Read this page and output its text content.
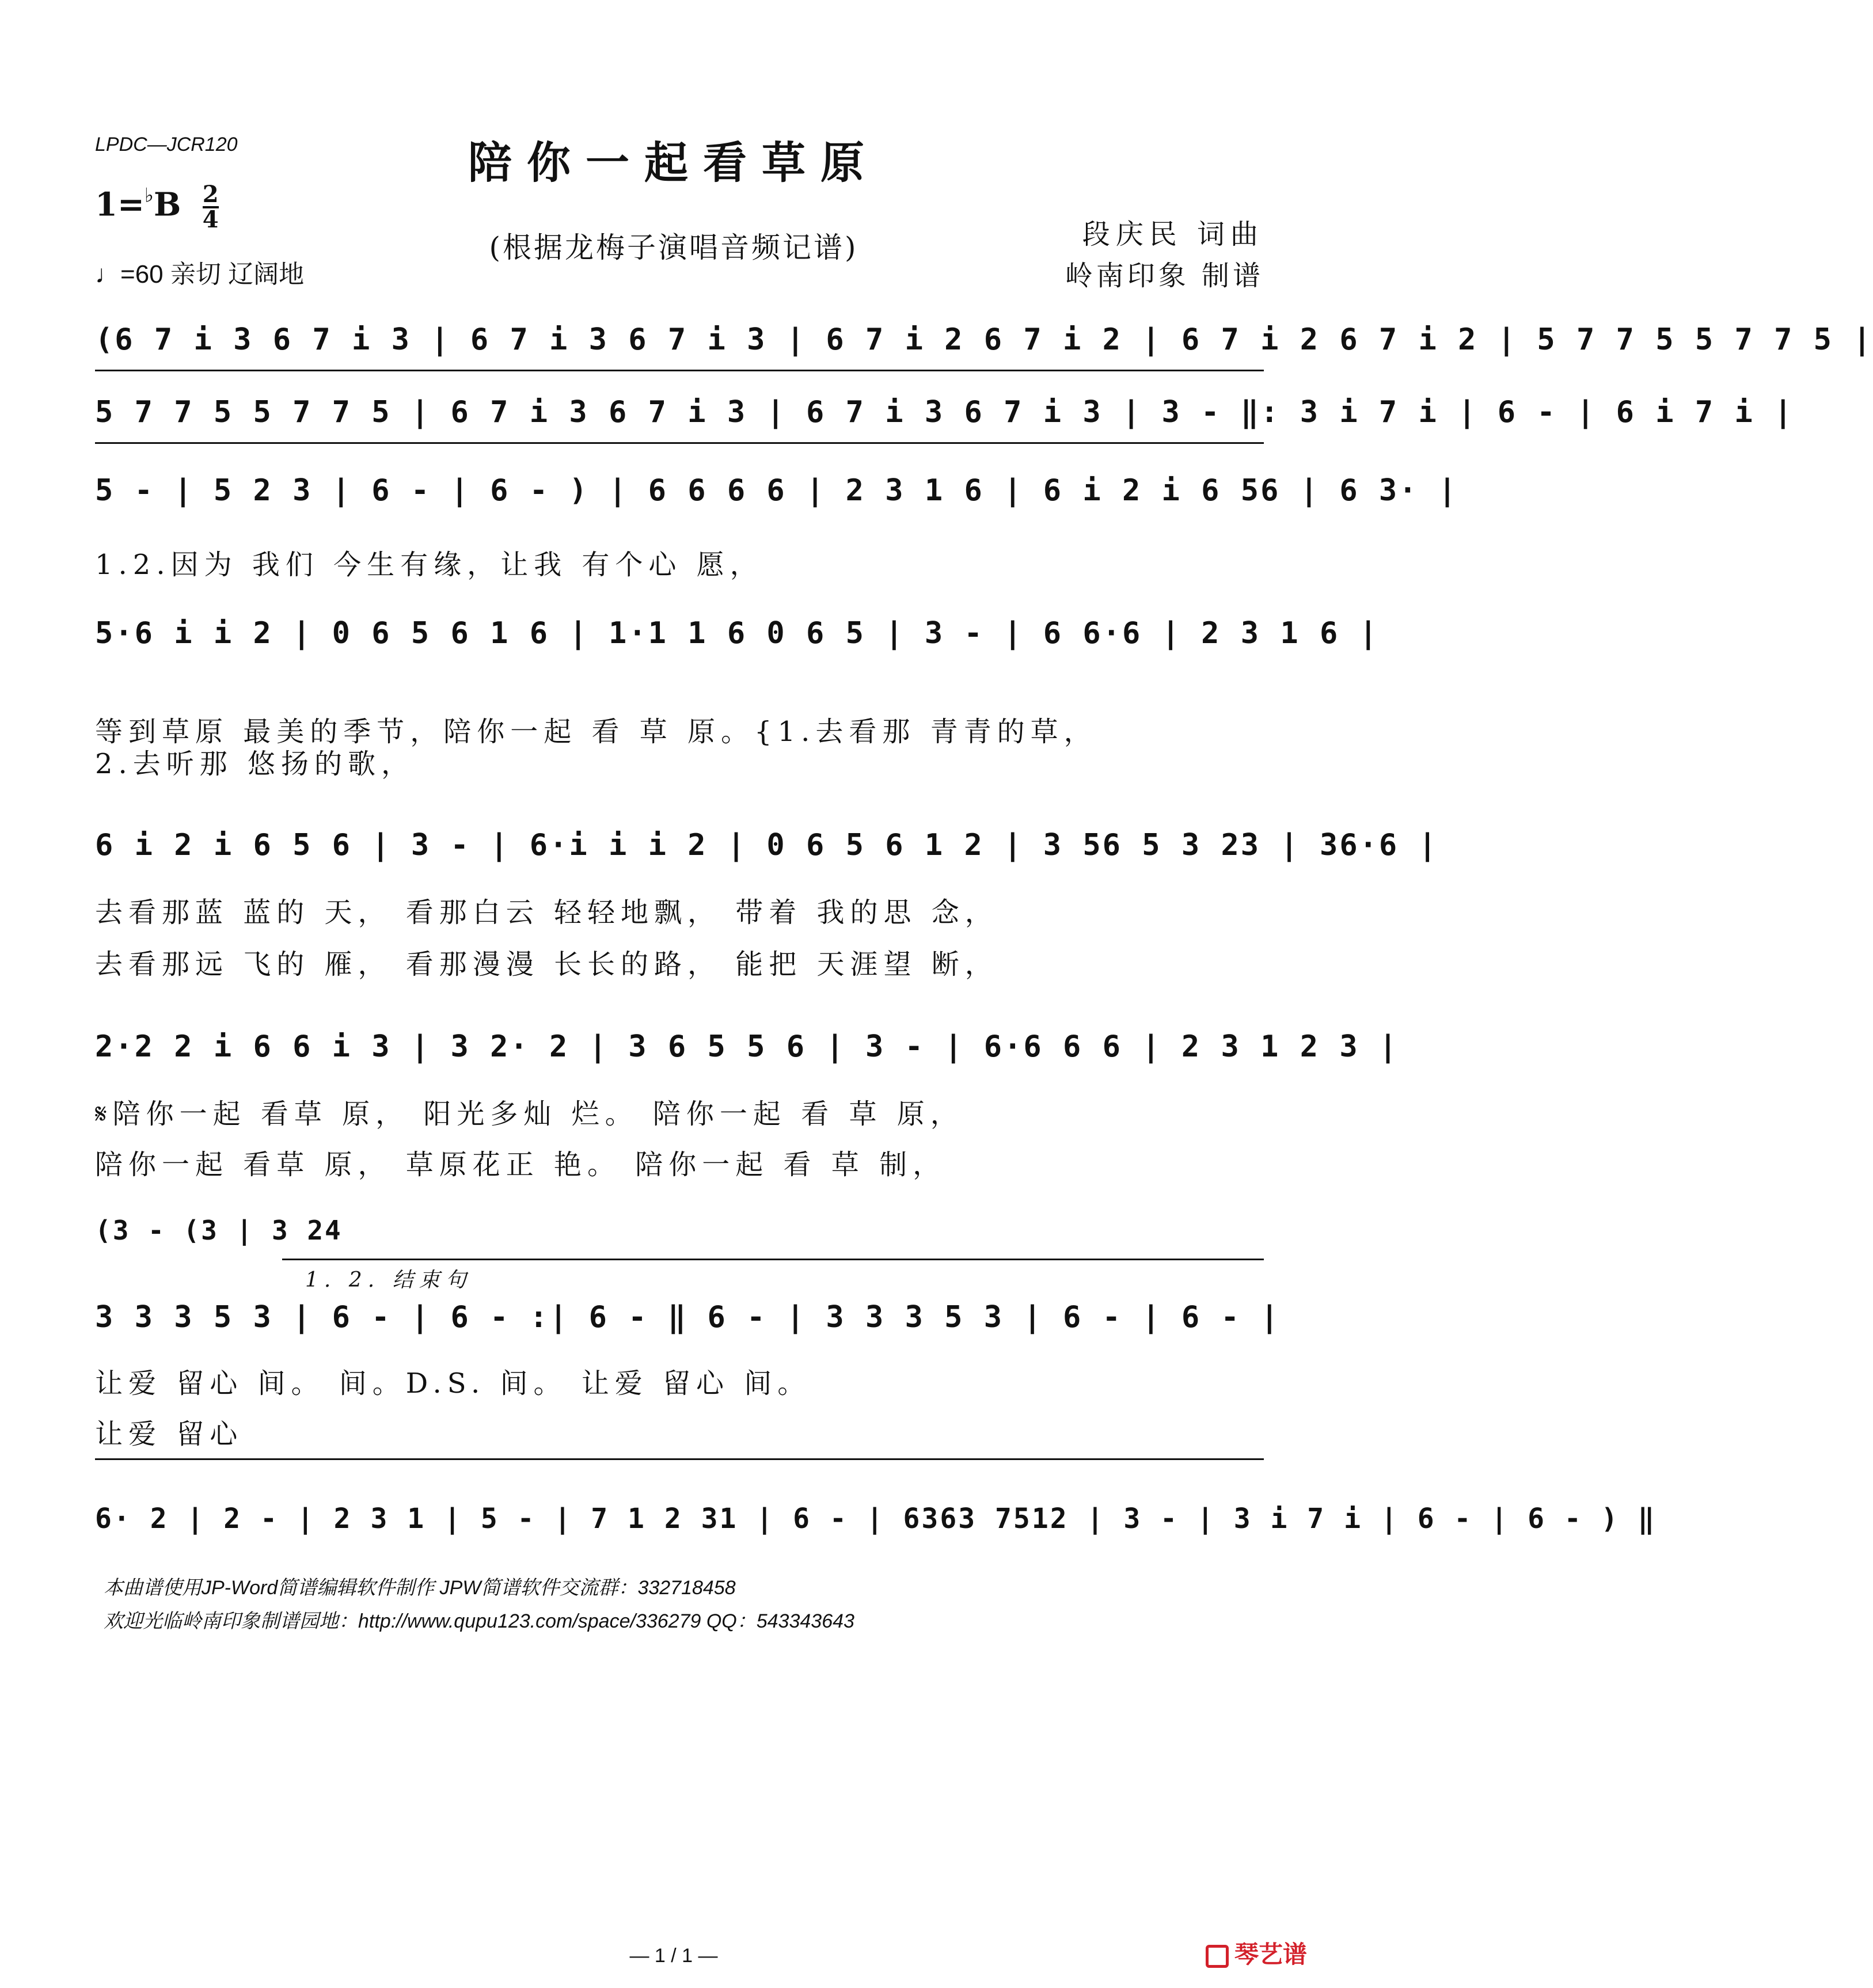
LPDC—JCR120	陪你一起看草原
$1=^♭B \frac{2}{4}$
♩=60 亲切 辽阔地
(根据龙梅子演唱音频记谱)	段庆民 词曲
岭南印象 制谱
(6 7 i 3 6 7 i 3 | 6 7 i 3 6 7 i 3 | 6 7 i 2 6 7 i 2 | 6 7 i 2 6 7 i 2 | 5 7 7 5 5 7 7 5 |
5 7 7 5 5 7 7 5 | 6 7 i 3 6 7 i 3 | 6 7 i 3 6 7 i 3 | 3 - ‖: 3 i 7 i | 6 - | 6 i 7 i |
5 - | 5 2 3 | 6 - | 6 - ) | 6 6 6 6 | 2 3 1 6 | 6 i 2 i 6 56 | 6 3· |
1.2.因为 我们 今生有缘，让我 有个心 愿，
5·6 i i 2 | 0 6 5 6 1 6 | 1·1 1 6 0 6 5 | 3 - | 6 6·6 | 2 3 1 6 |
等到草原 最美的季节，陪你一起 看 草 原。{1.去看那 青青的草，
2.去听那 悠扬的歌，
6 i 2 i 6 5 6 | 3 - | 6·i i i 2 | 0 6 5 6 1 2 | 3 56 5 3 23 | 36·6 |
去看那蓝 蓝的 天， 看那白云 轻轻地飘， 带着 我的思 念，
去看那远 飞的 雁， 看那漫漫 长长的路， 能把 天涯望 断，
2·2 2 i 6 6 i 3 | 3 2· 2 | 3 6 5 5 6 | 3 - | 6·6 6 6 | 2 3 1 2 3 |
𝄋陪你一起 看草 原， 阳光多灿 烂。 陪你一起 看 草 原，
陪你一起 看草 原， 草原花正 艳。 陪你一起 看 草 制，
(3 - (3 | 3 24
1. 2. 结束句
3 3 3 5 3 | 6 - | 6 - :| 6 - ‖ 6 - | 3 3 3 5 3 | 6 - | 6 - |
让爱 留心 间。 间。D.S. 间。 让爱 留心 间。
让爱 留心
6· 2 | 2 - | 2 3 1 | 5 - | 7 1 2 31 | 6 - | 6363 7512 | 3 - | 3 i 7 i | 6 - | 6 - ) ‖
本曲谱使用JP-Word简谱编辑软件制作 JPW简谱软件交流群：332718458
欢迎光临岭南印象制谱园地：http://www.qupu123.com/space/336279 QQ：543343643
— 1 / 1 —	琴艺谱
